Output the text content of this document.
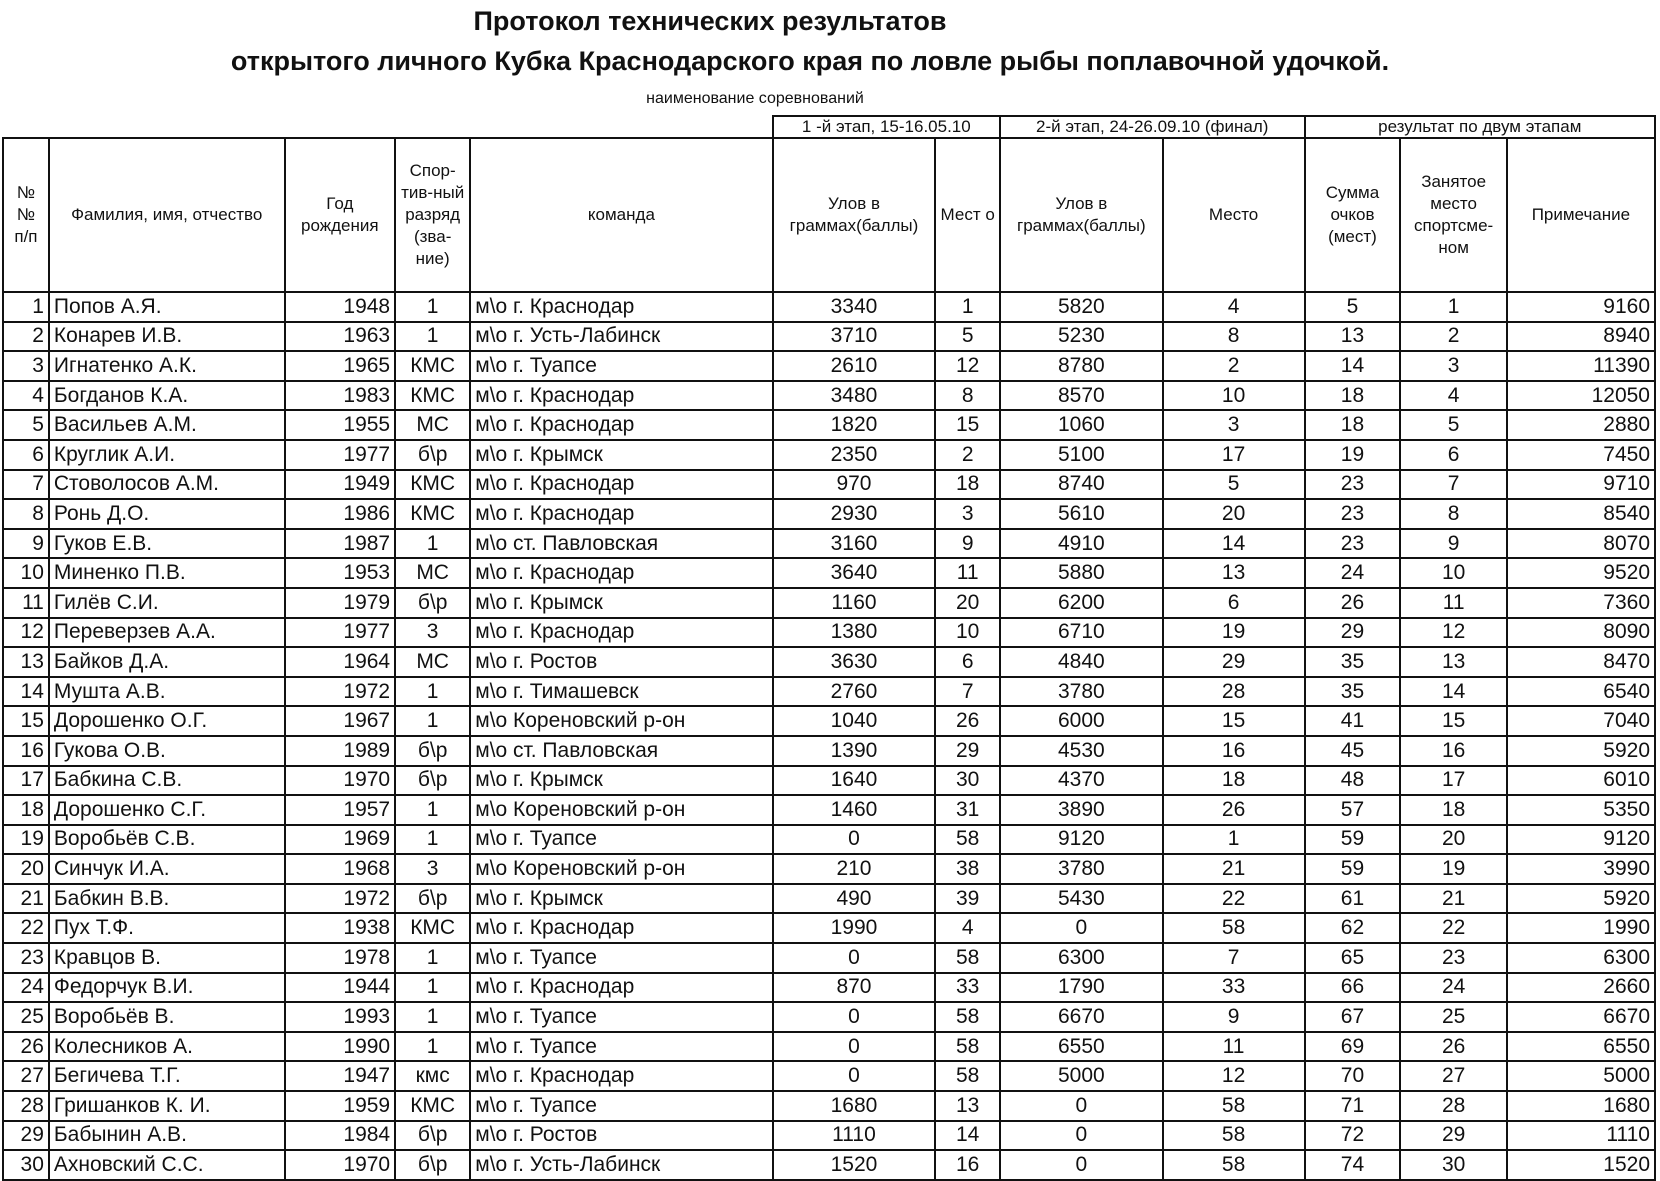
Протокол технических результатов
открытого личного Кубка Краснодарского края по ловле рыбы поплавочной удочкой.
наименование соревнований
					1 -й этап, 15-16.05.10		2-й этап, 24-26.09.10 (финал)		результат по двум этапам		
№ № п/п	Фамилия, имя, отчество	Год рождения	Спор-тив-ный разряд (зва-ние)	команда	Улов в граммах(баллы)	Мест о	Улов в граммах(баллы)	Место	Сумма очков (мест)	Занятое место спортсме-ном	Примечание
1	Попов А.Я.	1948	1	м\о г. Краснодар	3340	1	5820	4	5	1	9160
2	Конарев И.В.	1963	1	м\о г. Усть-Лабинск	3710	5	5230	8	13	2	8940
3	Игнатенко А.К.	1965	КМС	м\о г. Туапсе	2610	12	8780	2	14	3	11390
4	Богданов К.А.	1983	КМС	м\о г. Краснодар	3480	8	8570	10	18	4	12050
5	Васильев А.М.	1955	МС	м\о г. Краснодар	1820	15	1060	3	18	5	2880
6	Круглик А.И.	1977	б\р	м\о г. Крымск	2350	2	5100	17	19	6	7450
7	Стоволосов А.М.	1949	КМС	м\о г. Краснодар	970	18	8740	5	23	7	9710
8	Ронь Д.О.	1986	КМС	м\о г. Краснодар	2930	3	5610	20	23	8	8540
9	Гуков Е.В.	1987	1	м\о ст. Павловская	3160	9	4910	14	23	9	8070
10	Миненко П.В.	1953	МС	м\о г. Краснодар	3640	11	5880	13	24	10	9520
11	Гилёв С.И.	1979	б\р	м\о г. Крымск	1160	20	6200	6	26	11	7360
12	Переверзев А.А.	1977	3	м\о г. Краснодар	1380	10	6710	19	29	12	8090
13	Байков Д.А.	1964	МС	м\о г. Ростов	3630	6	4840	29	35	13	8470
14	Мушта А.В.	1972	1	м\о г. Тимашевск	2760	7	3780	28	35	14	6540
15	Дорошенко О.Г.	1967	1	м\о Кореновский р-он	1040	26	6000	15	41	15	7040
16	Гукова О.В.	1989	б\р	м\о ст. Павловская	1390	29	4530	16	45	16	5920
17	Бабкина С.В.	1970	б\р	м\о г. Крымск	1640	30	4370	18	48	17	6010
18	Дорошенко С.Г.	1957	1	м\о Кореновский р-он	1460	31	3890	26	57	18	5350
19	Воробьёв С.В.	1969	1	м\о г. Туапсе	0	58	9120	1	59	20	9120
20	Синчук И.А.	1968	3	м\о Кореновский р-он	210	38	3780	21	59	19	3990
21	Бабкин В.В.	1972	б\р	м\о г. Крымск	490	39	5430	22	61	21	5920
22	Пух Т.Ф.	1938	КМС	м\о г. Краснодар	1990	4	0	58	62	22	1990
23	Кравцов В.	1978	1	м\о г. Туапсе	0	58	6300	7	65	23	6300
24	Федорчук В.И.	1944	1	м\о г. Краснодар	870	33	1790	33	66	24	2660
25	Воробьёв В.	1993	1	м\о г. Туапсе	0	58	6670	9	67	25	6670
26	Колесников А.	1990	1	м\о г. Туапсе	0	58	6550	11	69	26	6550
27	Бегичева Т.Г.	1947	кмс	м\о г. Краснодар	0	58	5000	12	70	27	5000
28	Гришанков К. И.	1959	КМС	м\о г. Туапсе	1680	13	0	58	71	28	1680
29	Бабынин А.В.	1984	б\р	м\о г. Ростов	1110	14	0	58	72	29	1110
30	Ахновский С.С.	1970	б\р	м\о г. Усть-Лабинск	1520	16	0	58	74	30	1520
